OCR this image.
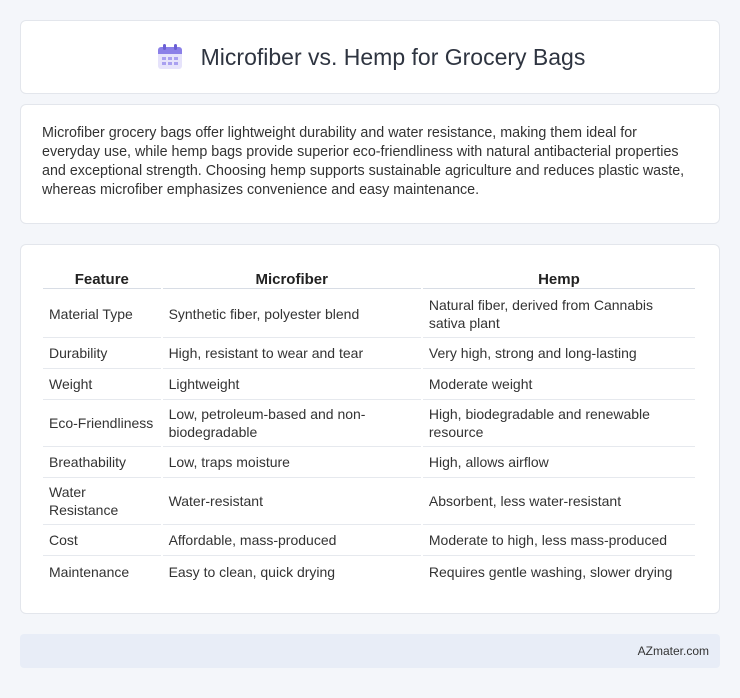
Microfiber vs. Hemp for Grocery Bags

Microfiber grocery bags offer lightweight durability and water resistance, making them ideal for everyday use, while hemp bags provide superior eco-friendliness with natural antibacterial properties and exceptional strength. Choosing hemp supports sustainable agriculture and reduces plastic waste, whereas microfiber emphasizes convenience and easy maintenance.

Feature	Microfiber	Hemp
Material Type	Synthetic fiber, polyester blend	Natural fiber, derived from Cannabis sativa plant
Durability	High, resistant to wear and tear	Very high, strong and long-lasting
Weight	Lightweight	Moderate weight
Eco-Friendliness	Low, petroleum-based and non-biodegradable	High, biodegradable and renewable resource
Breathability	Low, traps moisture	High, allows airflow
Water Resistance	Water-resistant	Absorbent, less water-resistant
Cost	Affordable, mass-produced	Moderate to high, less mass-produced
Maintenance	Easy to clean, quick drying	Requires gentle washing, slower drying
AZmater.com
